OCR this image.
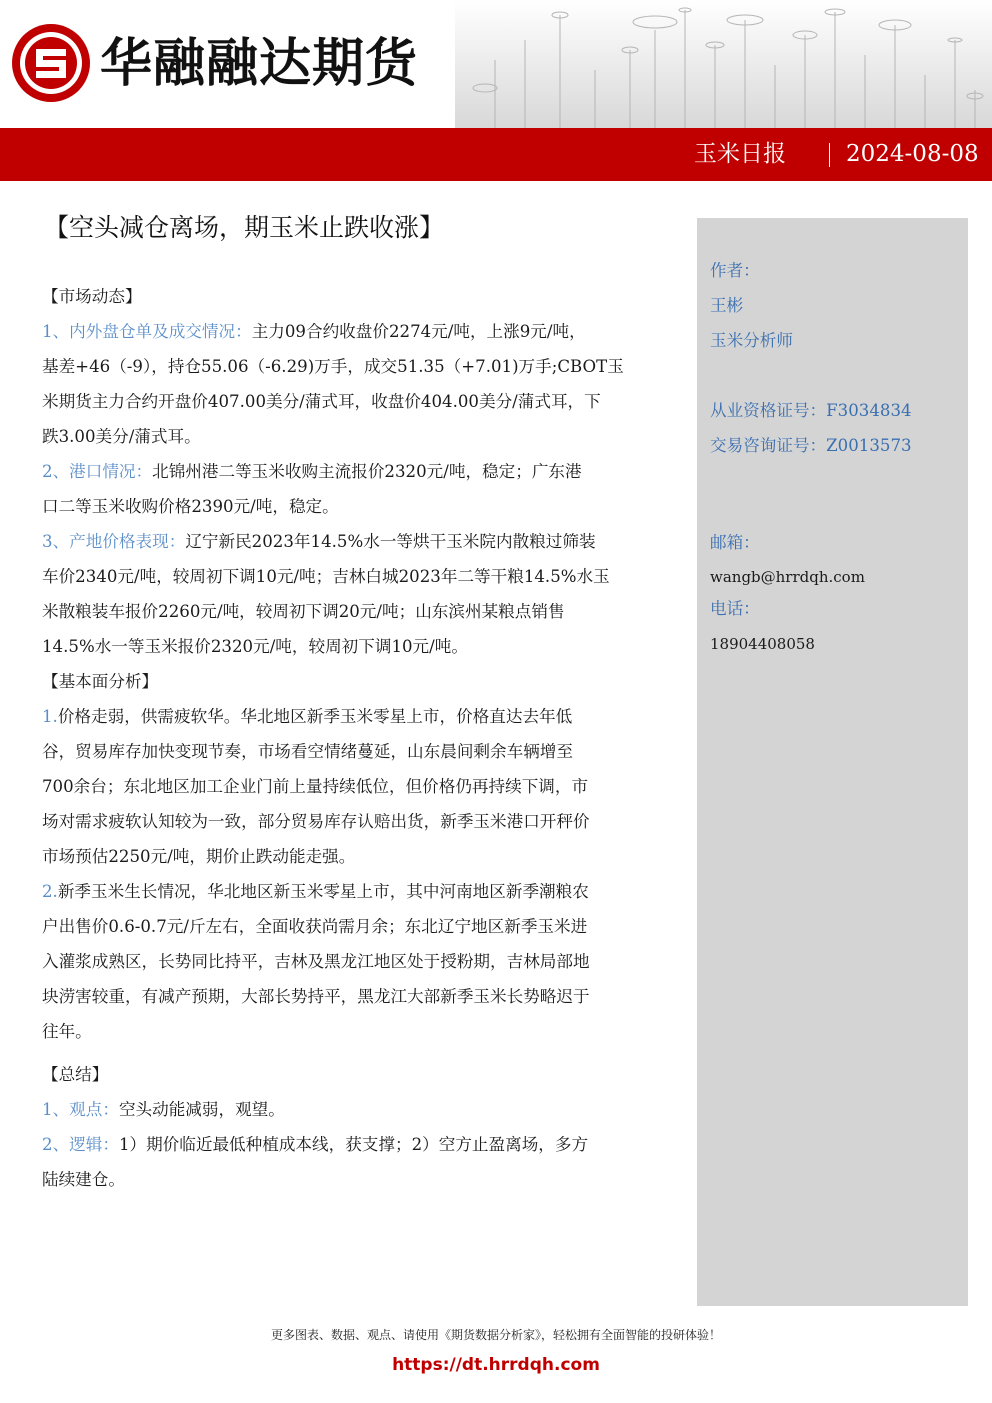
华融融达期货
玉米日报	2024-08-08
【空头减仓离场，期玉米止跌收涨】

【市场动态】

1、内外盘仓单及成交情况：主力09合约收盘价2274元/吨，上涨9元/吨，

基差+46（-9），持仓55.06（-6.29)万手，成交51.35（+7.01)万手;CBOT玉

米期货主力合约开盘价407.00美分/蒲式耳，收盘价404.00美分/蒲式耳，下

跌3.00美分/蒲式耳。

2、港口情况：北锦州港二等玉米收购主流报价2320元/吨，稳定；广东港

口二等玉米收购价格2390元/吨，稳定。

3、产地价格表现：辽宁新民2023年14.5%水一等烘干玉米院内散粮过筛装

车价2340元/吨，较周初下调10元/吨；吉林白城2023年二等干粮14.5%水玉

米散粮装车报价2260元/吨，较周初下调20元/吨；山东滨州某粮点销售

14.5%水一等玉米报价2320元/吨，较周初下调10元/吨。

【基本面分析】

1.价格走弱，供需疲软华。华北地区新季玉米零星上市，价格直达去年低

谷，贸易库存加快变现节奏，市场看空情绪蔓延，山东晨间剩余车辆增至

700余台；东北地区加工企业门前上量持续低位，但价格仍再持续下调，市

场对需求疲软认知较为一致，部分贸易库存认赔出货，新季玉米港口开秤价

市场预估2250元/吨，期价止跌动能走强。

2.新季玉米生长情况，华北地区新玉米零星上市，其中河南地区新季潮粮农

户出售价0.6-0.7元/斤左右，全面收获尚需月余；东北辽宁地区新季玉米进

入灌浆成熟区，长势同比持平，吉林及黑龙江地区处于授粉期，吉林局部地

块涝害较重，有减产预期，大部长势持平，黑龙江大部新季玉米长势略迟于

往年。

【总结】

1、观点：空头动能减弱，观望。

2、逻辑：1）期价临近最低种植成本线，获支撑；2）空方止盈离场，多方

陆续建仓。

作者：
王彬
玉米分析师
从业资格证号：F3034834
交易咨询证号：Z0013573
邮箱：
wangb@hrrdqh.com
电话：
18904408058
更多图表、数据、观点、请使用《期货数据分析家》，轻松拥有全面智能的投研体验！
https://dt.hrrdqh.com
